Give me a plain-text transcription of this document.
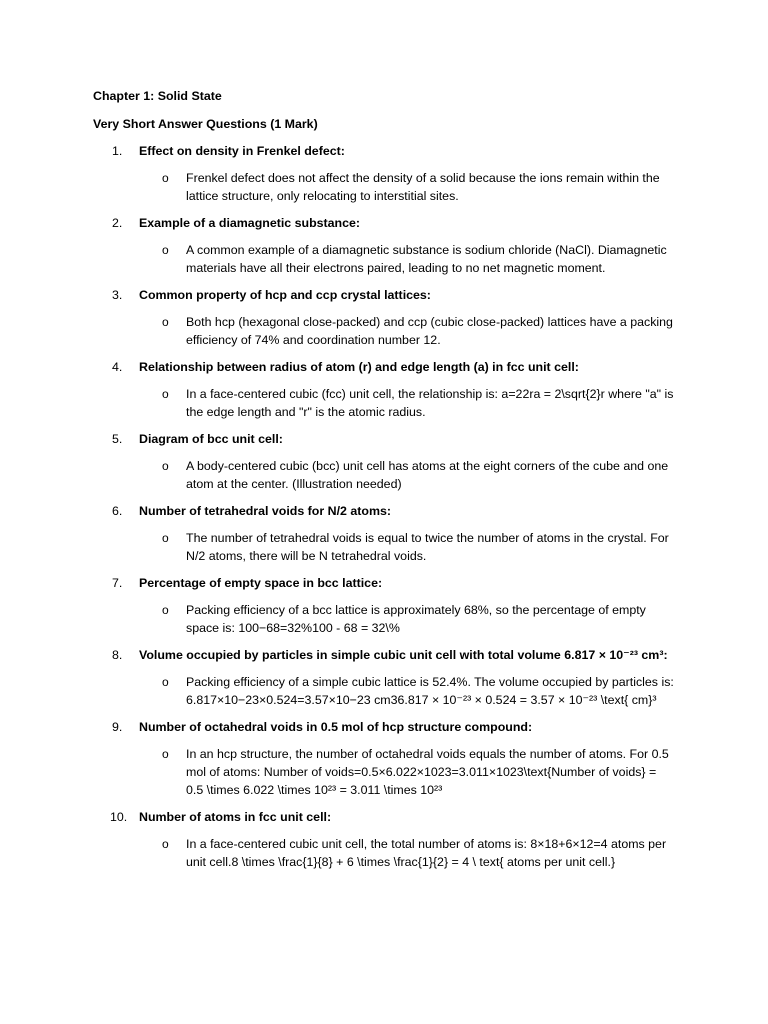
Chapter 1: Solid State
Very Short Answer Questions (1 Mark)
1.	Effect on density in Frenkel defect:
o Frenkel defect does not affect the density of a solid because the ions remain within the lattice structure, only relocating to interstitial sites.
2.	Example of a diamagnetic substance:
o A common example of a diamagnetic substance is sodium chloride (NaCl). Diamagnetic materials have all their electrons paired, leading to no net magnetic moment.
3.	Common property of hcp and ccp crystal lattices:
o Both hcp (hexagonal close-packed) and ccp (cubic close-packed) lattices have a packing efficiency of 74% and coordination number 12.
4.	Relationship between radius of atom (r) and edge length (a) in fcc unit cell:
o In a face-centered cubic (fcc) unit cell, the relationship is: a=22ra = 2\sqrt{2}r where "a" is the edge length and "r" is the atomic radius.
5.	Diagram of bcc unit cell:
o A body-centered cubic (bcc) unit cell has atoms at the eight corners of the cube and one atom at the center. (Illustration needed)
6.	Number of tetrahedral voids for N/2 atoms:
o The number of tetrahedral voids is equal to twice the number of atoms in the crystal. For N/2 atoms, there will be N tetrahedral voids.
7.	Percentage of empty space in bcc lattice:
o Packing efficiency of a bcc lattice is approximately 68%, so the percentage of empty space is: 100−68=32%100 - 68 = 32\%
8.	Volume occupied by particles in simple cubic unit cell with total volume 6.817 × 10⁻²³ cm³:
o Packing efficiency of a simple cubic lattice is 52.4%. The volume occupied by particles is: 6.817×10−23×0.524=3.57×10−23 cm36.817 × 10⁻²³ × 0.524 = 3.57 × 10⁻²³ \text{ cm}³
9.	Number of octahedral voids in 0.5 mol of hcp structure compound:
o In an hcp structure, the number of octahedral voids equals the number of atoms. For 0.5 mol of atoms: Number of voids=0.5×6.022×1023=3.011×1023\text{Number of voids} = 0.5 \times 6.022 \times 10²³ = 3.011 \times 10²³
10. Number of atoms in fcc unit cell:
o In a face-centered cubic unit cell, the total number of atoms is: 8×18+6×12=4 atoms per unit cell.8 \times \frac{1}{8} + 6 \times \frac{1}{2} = 4 \ text{ atoms per unit cell.}
